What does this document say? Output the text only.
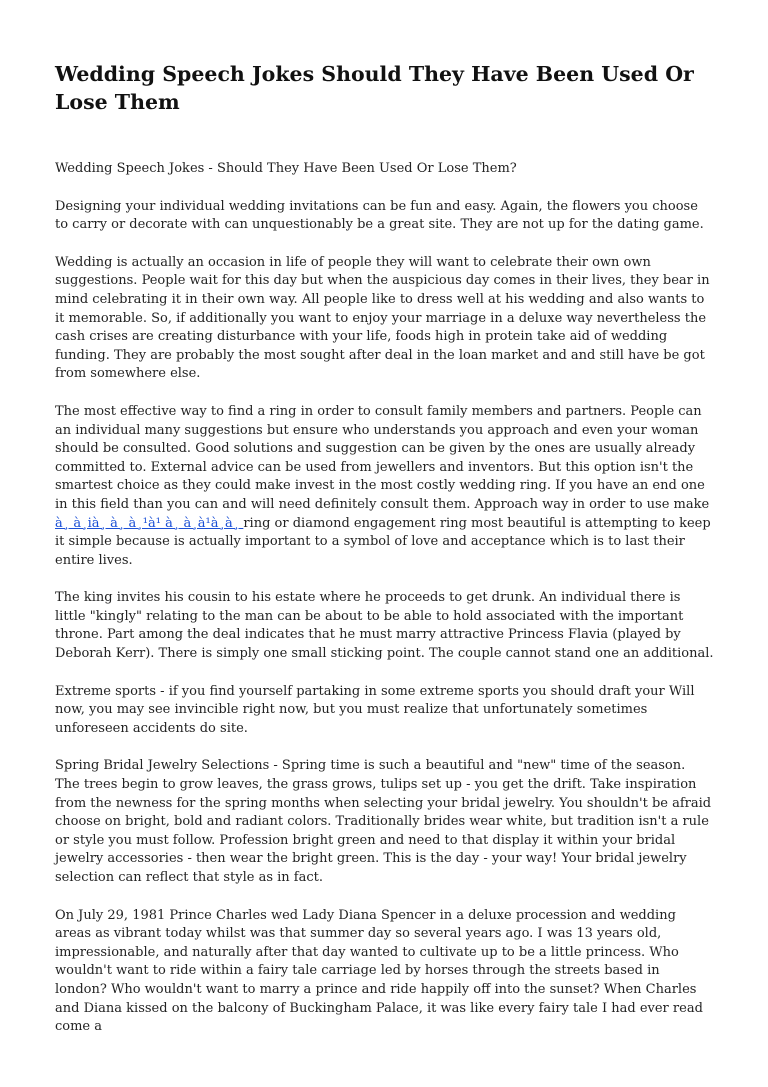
Wedding Speech Jokes Should They Have Been Used Or Lose Them

Wedding Speech Jokes - Should They Have Been Used Or Lose Them?

Designing your individual wedding invitations can be fun and easy. Again, the flowers you choose to carry or decorate with can unquestionably be a great site. They are not up for the dating game.

Wedding is actually an occasion in life of people they will want to celebrate their own own suggestions. People wait for this day but when the auspicious day comes in their lives, they bear in mind celebrating it in their own way. All people like to dress well at his wedding and also wants to it memorable. So, if additionally you want to enjoy your marriage in a deluxe way nevertheless the cash crises are creating disturbance with your life, foods high in protein take aid of wedding funding. They are probably the most sought after deal in the loan market and and still have be got from somewhere else.

The most effective way to find a ring in order to consult family members and partners. People can an individual many suggestions but ensure who understands you approach and even your woman should be consulted. Good solutions and suggestion can be given by the ones are usually already committed to. External advice can be used from jewellers and inventors. But this option isn't the smartest choice as they could make invest in the most costly wedding ring. If you have an end one in this field than you can and will need definitely consult them. Approach way in order to use make à¸ à¸ià¸ à¸ à¸¹à¹ à¸ à¸à¹à¸à¸ ring or diamond engagement ring most beautiful is attempting to keep it simple because is actually important to a symbol of love and acceptance which is to last their entire lives.

The king invites his cousin to his estate where he proceeds to get drunk. An individual there is little "kingly" relating to the man can be about to be able to hold associated with the important throne. Part among the deal indicates that he must marry attractive Princess Flavia (played by Deborah Kerr). There is simply one small sticking point. The couple cannot stand one an additional.

Extreme sports - if you find yourself partaking in some extreme sports you should draft your Will now, you may see invincible right now, but you must realize that unfortunately sometimes unforeseen accidents do site.

Spring Bridal Jewelry Selections - Spring time is such a beautiful and "new" time of the season. The trees begin to grow leaves, the grass grows, tulips set up - you get the drift. Take inspiration from the newness for the spring months when selecting your bridal jewelry. You shouldn't be afraid choose on bright, bold and radiant colors. Traditionally brides wear white, but tradition isn't a rule or style you must follow. Profession bright green and need to that display it within your bridal jewelry accessories - then wear the bright green. This is the day - your way! Your bridal jewelry selection can reflect that style as in fact.

On July 29, 1981 Prince Charles wed Lady Diana Spencer in a deluxe procession and wedding areas as vibrant today whilst was that summer day so several years ago. I was 13 years old, impressionable, and naturally after that day wanted to cultivate up to be a little princess. Who wouldn't want to ride within a fairy tale carriage led by horses through the streets based in london? Who wouldn't want to marry a prince and ride happily off into the sunset? When Charles and Diana kissed on the balcony of Buckingham Palace, it was like every fairy tale I had ever read come a
